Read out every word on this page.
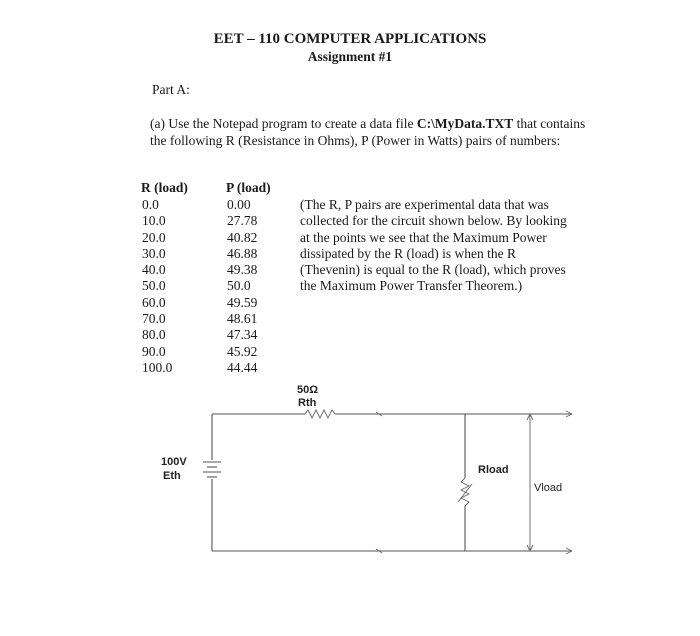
EET – 110 COMPUTER APPLICATIONS
Assignment #1
Part A:
(a) Use the Notepad program to create a data file C:\MyData.TXT that contains the following R (Resistance in Ohms), P (Power in Watts) pairs of numbers:
R (load)	P (load)
0.0
10.0
20.0
30.0
40.0
50.0
60.0
70.0
80.0
90.0
100.0
0.00
27.78
40.82
46.88
49.38
50.0
49.59
48.61
47.34
45.92
44.44
(The R, P pairs are experimental data that was collected for the circuit shown below. By looking at the points we see that the Maximum Power dissipated by the R (load) is when the R (Thevenin) is equal to the R (load), which proves the Maximum Power Transfer Theorem.)
50Ω
Rth
100V
Eth	Rload
Vload
